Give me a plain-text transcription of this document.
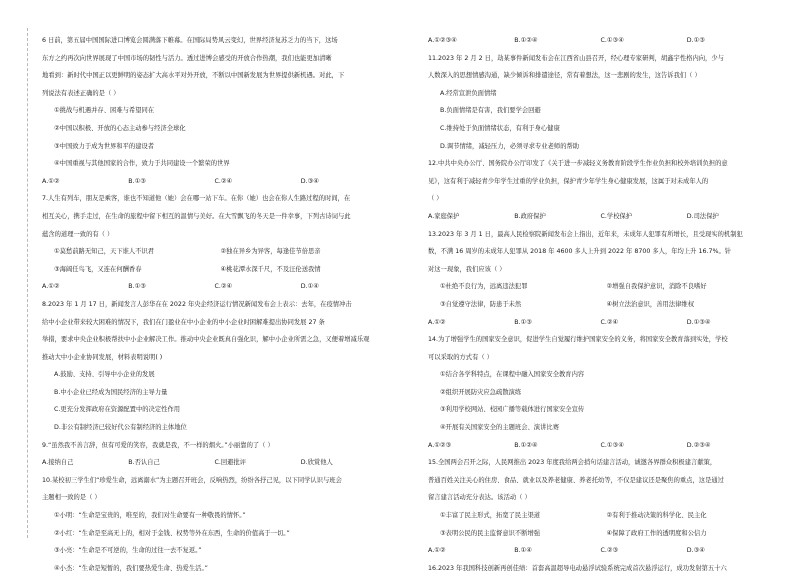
6 日前，第五届中国国际进口博览会圆满落下帷幕。在国际局势风云变幻，世界经济复苏乏力的当下，这场
东方之约再次向世界展现了中国市场的韧性与活力。透过进博会感受的开放合作热潮，我们也能更加清晰
地看到：新时代中国正以更鲜明的姿态扩大高水平对外开放，不断以中国新发展为世界提供新机遇。对此，下
列说法有表述正确的是（ ）
①挑战与机遇并存、困难与希望同在
②中国以积极、开放的心态主动参与经济全球化
③中国致力于成为世界和平的建设者
④中国重视与其他国家的合作，致力于共同建设一个繁荣的世界
A.①②	B.①③	C.②④	D.③④
7.人生有列车，朋友是乘客，谁也不知道他（她）会在哪一站下车。在你（她）也会在你人生路过程的时间，在
相互关心，携手走过，在生命的旅程中留下相互的温情与美好。在大雪飘飞的冬天是一件幸事，下列古诗词与此
蕴含的道理一致的有（ ）
①莫愁前路无知己，天下谁人不识君	②独在异乡为异客，每逢佳节倍思亲
③海阔任鸟飞，又连在何酬香春	④桃花潭水深千尺，不及汪伦送我情
A.①②	B.①③	C.②④	D.①④
8.2023 年 1 月 17 日，新闻发言人彭华在在 2022 年央企经济运行情况新闻发布会上表示：去年，在疫情冲击
给中小企业带来较大困难的情况下，我们在门盈业在中小企业的中小企业时困解难提出协同发展 27 条
举措，要求中央企业积极帮扶中小企业解决工作。推动中央企业既真自强化识，解中小企业所需之急，又便着增减乐观
推动大中小企业协同发展，材料表明说明( )
A.鼓励、支持、引导中小企业的发展
B.中小企业已经成为国民经济的主导力量
C.更充分发挥政府在资源配置中的决定性作用
D.非公有制经济已较好代公有制经济的主体地位
9.“虽然我不善言辞，但有可爱的笑容，我就是我，不一样的烟火。”小丽靠的了（ ）
A.接纳自己	B.否认自己	C.回避批评	D.欣赏他人
10.某校初三学生们“珍爱生命，远离溺水”为主题召开班会，反响热烈，纷纷各抒己见，以下同学认识与班会
主题相一致的是（ ）
①小明：“生命是宝贵的，唯至的，我们对生命要有一种敬畏的情怀。”
②小红：“生命是至高无上的，相对于金钱、权势等外在东西，生命的价值高于一切。”
③小亮：“生命是不可逆的，生命的过往一去不复返。”
④小杰：“生命是短暂的，我们要热爱生命、热爱生活。”
A.①②③④	B.①②④	C.①③④	D.①③
11.2023 年 2 月 2 日，劫某事件新闻发布会在江西省山县召开，经心理专家研判，胡鑫宇性格内向，少与
人数深入的思想情感沟通，缺少倾诉和排遣途径，常有着想法，这一悲剧的发生，这告诉我们（ ）
A.经常宣泄负面情绪
B.负面情绪是有害，我们要学会回避
C.维持处于负面情绪状态，有利于身心健康
D.调节情绪，减轻压力，必须寻求专业老师的帮助
12.中共中央办公厅、国务院办公厅印发了《关于进一步减轻义务教育阶段学生作业负担和校外培训负担的意
见》，这有利于减轻青少年学生过重的学业负担，保护青少年学生身心健康发展，这属于对未成年人的
（ ）
A.家庭保护	B.政府保护	C.学校保护	D.司法保护
13.2023 年 3 月 1 日，最高人民检察院新闻发布会上指出，近年来，未成年人犯罪有所增长，且受现实的机制犯
数，不满 16 周岁的未成年人犯罪从 2018 年 4600 多人上升到 2022 年 8700 多人，年均上升 16.7%。针
对这一现象，我们应该（ ）
①杜绝不良行为，远离违法犯罪	②增强自我保护意识，消除不良嗜好
③自觉遵守法律，防患于未然	④树立法治意识，善用法律维权
A.①②	B.①③	C.②④	D.①③④
14.为了增强学生的国家安全意识，促进学生自觉履行维护国家安全的义务，将国家安全教育落到实处，学校
可以采取的方式有（ ）
①结合各学科特点，在课程中融入国家安全教育内容
②组织开展防灾应急疏散演练
③利用学校网站、校园广播等载体进行国家安全宣传
④开展有关国家安全的主题班会、演讲比赛
A.①②③	B.①②④	C.①③④	D.②③④
15.全国两会召开之际，人民网推出 2023 年度我给两会捎句话建言活动，诚邀各界群众积极建言献策，
普通百姓关注关心的住房、食品、就业以及养老健康、养老托幼等，不仅是建议还是聚焦的重点，这是通过
留言建言活动充分表达。该活动（ ）
①丰富了民主形式，拓宽了民主渠道	②有利于推动决策的科学化、民主化
③表明公民的民主监督意识不断增强	④保障了政府工作的透明度和公信力
A.①②	B.①④	C.②③	D.③④
16.2023 年我国科技创新再创佳绩：首套高温超导电动悬浮试验系统完成首次悬浮运行，成功发射第五十六
